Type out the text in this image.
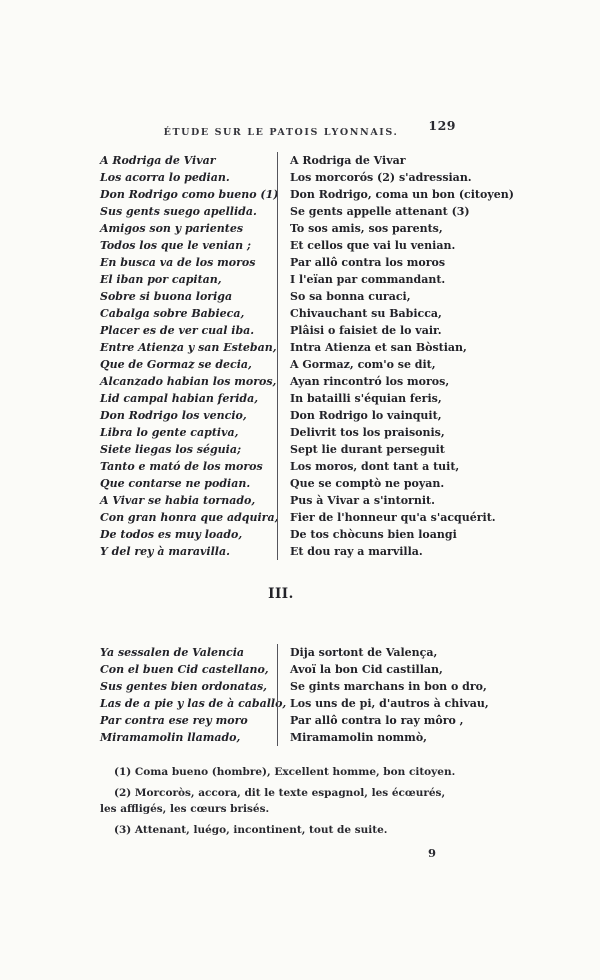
ÉTUDE SUR LE PATOIS LYONNAIS. 129
A Rodriga de Vivar
Los acorra lo pedian.
Don Rodrigo como bueno (1)
Sus gents suego apellida.
Amigos son y parientes
Todos los que le venian ;
En busca va de los moros
El iban por capitan,
Sobre si buona loriga
Cabalga sobre Babieca,
Placer es de ver cual iba.
Entre Atienza y san Esteban,
Que de Gormaz se decia,
Alcanzado habian los moros,
Lid campal habian ferida,
Don Rodrigo los vencio,
Libra lo gente captiva,
Siete liegas los séguia;
Tanto e mató de los moros
Que contarse ne podian.
A Vivar se habia tornado,
Con gran honra que adquira,
De todos es muy loado,
Y del rey à maravilla.
A Rodriga de Vivar
Los morcorós (2) s'adressian.
Don Rodrigo, coma un bon (citoyen)
Se gents appelle attenant (3)
To sos amis, sos parents,
Et cellos que vai lu venian.
Par allô contra los moros
I l'eïan par commandant.
So sa bonna curaci,
Chivauchant su Babicca,
Plâisi o faisiet de lo vair.
Intra Atienza et san Bòstian,
A Gormaz, com'o se dit,
Ayan rincontró los moros,
In batailli s'équian feris,
Don Rodrigo lo vainquit,
Delivrit tos los praisonis,
Sept lie durant perseguit
Los moros, dont tant a tuit,
Que se comptò ne poyan.
Pus à Vivar a s'intornit.
Fier de l'honneur qu'a s'acquérit.
De tos chòcuns bien loangi
Et dou ray a marvilla.
III.
Ya sessalen de Valencia
Con el buen Cid castellano,
Sus gentes bien ordonatas,
Las de a pie y las de à caballo,
Par contra ese rey moro
Miramamolin llamado,
Dija sortont de Valença,
Avoï la bon Cid castillan,
Se gints marchans in bon o dro,
Los uns de pi, d'autros à chivau,
Par allô contra lo ray môro ,
Miramamolin nommò,
(1) Coma bueno (hombre), Excellent homme, bon citoyen.
(2) Morcoròs, accora, dit le texte espagnol, les écœurés, les affligés, les cœurs brisés.
(3) Attenant, luégo, incontinent, tout de suite.
9
